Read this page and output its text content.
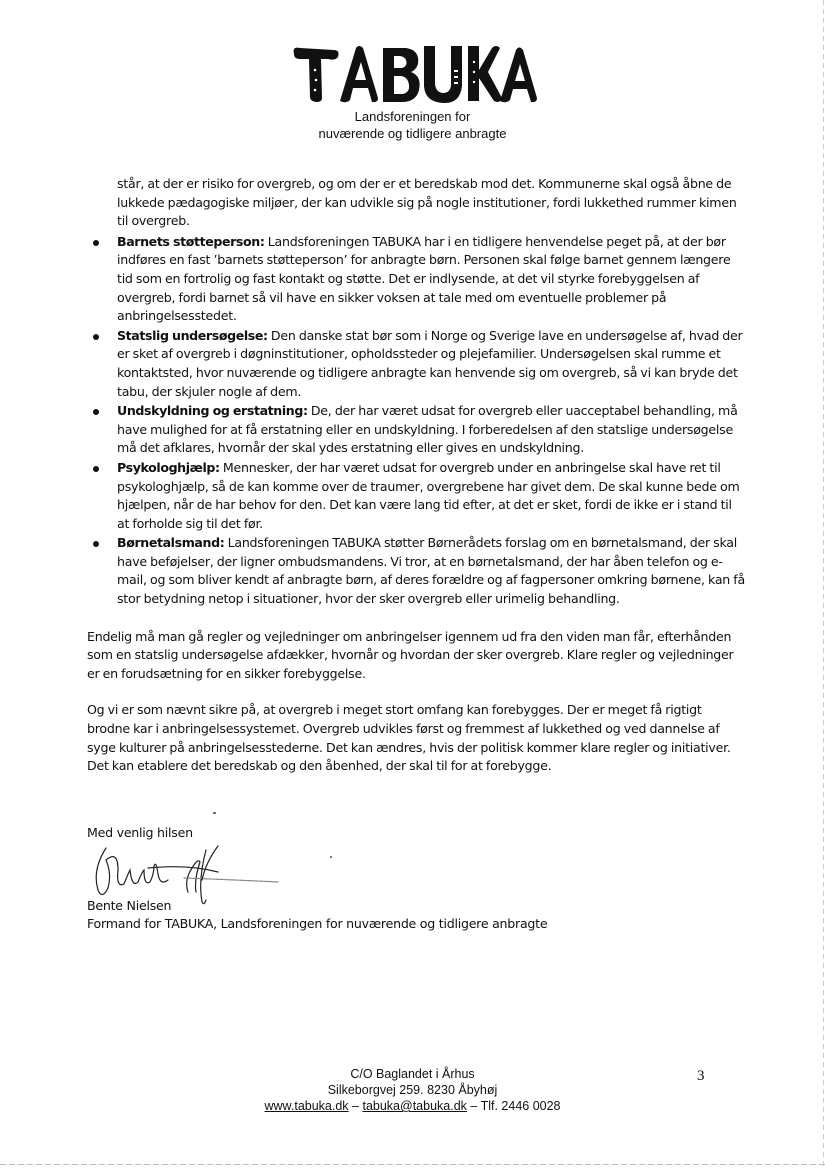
Landsforeningen for
nuværende og tidligere anbragte

står, at der er risiko for overgreb, og om der er et beredskab mod det. Kommunerne skal også åbne de lukkede pædagogiske miljøer, der kan udvikle sig på nogle institutioner, fordi lukkethed rummer kimen til overgreb.

Barnets støtteperson: Landsforeningen TABUKA har i en tidligere henvendelse peget på, at der bør indføres en fast ’barnets støtteperson’ for anbragte børn. Personen skal følge barnet gennem længere tid som en fortrolig og fast kontakt og støtte. Det er indlysende, at det vil styrke forebyggelsen af overgreb, fordi barnet så vil have en sikker voksen at tale med om eventuelle problemer på anbringelsesstedet.
Statslig undersøgelse: Den danske stat bør som i Norge og Sverige lave en undersøgelse af, hvad der er sket af overgreb i døgninstitutioner, opholdssteder og plejefamilier. Undersøgelsen skal rumme et kontaktsted, hvor nuværende og tidligere anbragte kan henvende sig om overgreb, så vi kan bryde det tabu, der skjuler nogle af dem.
Undskyldning og erstatning: De, der har været udsat for overgreb eller uacceptabel behandling, må have mulighed for at få erstatning eller en undskyldning. I forberedelsen af den statslige undersøgelse må det afklares, hvornår der skal ydes erstatning eller gives en undskyldning.
Psykologhjælp: Mennesker, der har været udsat for overgreb under en anbringelse skal have ret til psykologhjælp, så de kan komme over de traumer, overgrebene har givet dem. De skal kunne bede om hjælpen, når de har behov for den. Det kan være lang tid efter, at det er sket, fordi de ikke er i stand til at forholde sig til det før.
Børnetalsmand: Landsforeningen TABUKA støtter Børnerådets forslag om en børnetalsmand, der skal have beføjelser, der ligner ombudsmandens. Vi tror, at en børnetalsmand, der har åben telefon og e-mail, og som bliver kendt af anbragte børn, af deres forældre og af fagpersoner omkring børnene, kan få stor betydning netop i situationer, hvor der sker overgreb eller urimelig behandling.

Endelig må man gå regler og vejledninger om anbringelser igennem ud fra den viden man får, efterhånden som en statslig undersøgelse afdækker, hvornår og hvordan der sker overgreb. Klare regler og vejledninger er en forudsætning for en sikker forebyggelse.

Og vi er som nævnt sikre på, at overgreb i meget stort omfang kan forebygges. Der er meget få rigtigt brodne kar i anbringelsessystemet. Overgreb udvikles først og fremmest af lukkethed og ved dannelse af syge kulturer på anbringelsesstederne. Det kan ændres, hvis der politisk kommer klare regler og initiativer. Det kan etablere det beredskab og den åbenhed, der skal til for at forebygge.

Med venlig hilsen
Bente Nielsen
Formand for TABUKA, Landsforeningen for nuværende og tidligere anbragte
C/O Baglandet i Århus
Silkeborgvej 259. 8230 Åbyhøj
www.tabuka.dk – tabuka@tabuka.dk – Tlf. 2446 0028
3
